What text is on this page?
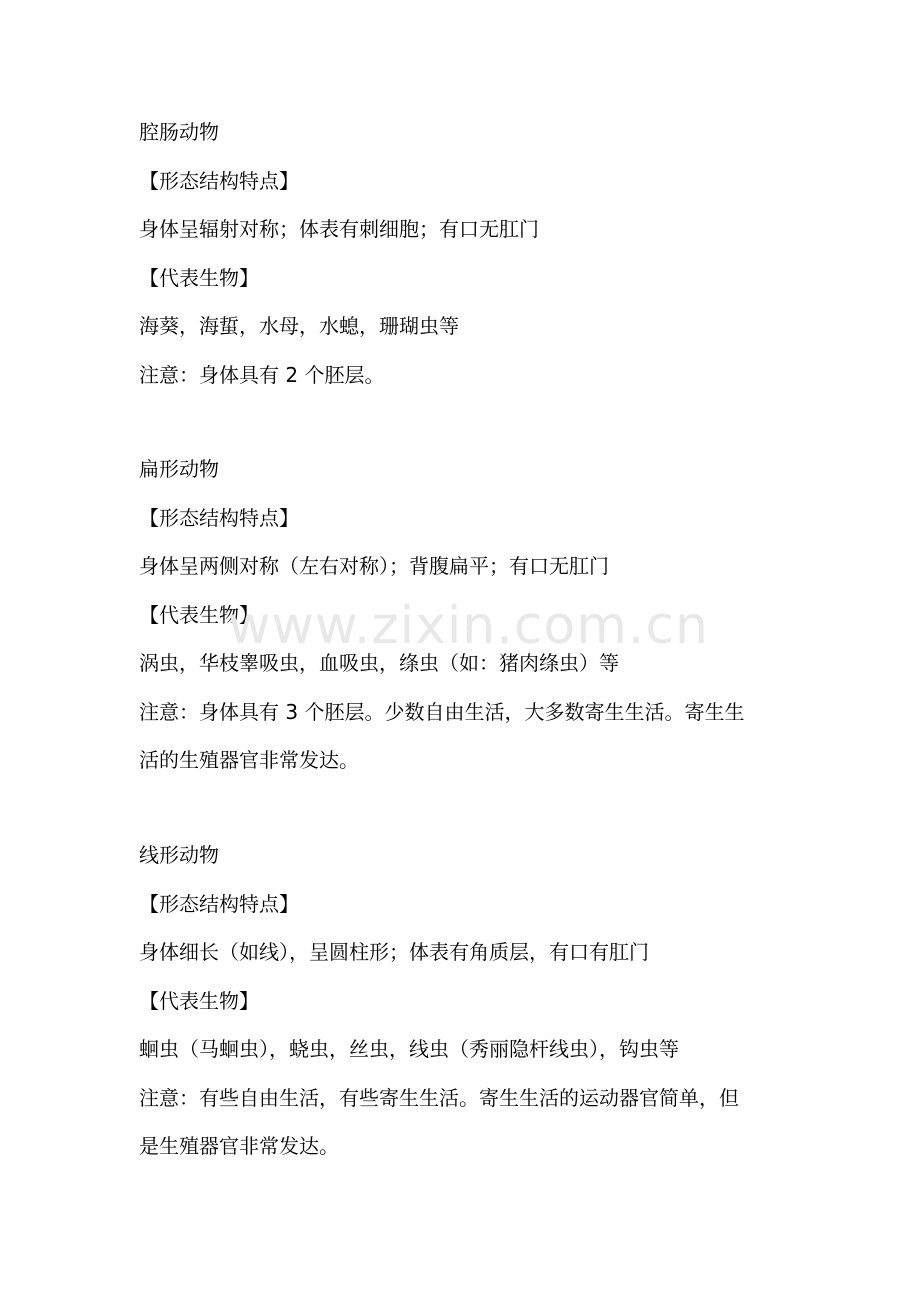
腔肠动物
【形态结构特点】
身体呈辐射对称；体表有刺细胞；有口无肛门
【代表生物】
海葵，海蜇，水母，水螅，珊瑚虫等
注意：身体具有 2 个胚层。
扁形动物
【形态结构特点】
身体呈两侧对称（左右对称）；背腹扁平；有口无肛门
【代表生物】
涡虫，华枝睾吸虫，血吸虫，绦虫（如：猪肉绦虫）等
注意：身体具有 3 个胚层。少数自由生活，大多数寄生生活。寄生生
活的生殖器官非常发达。
线形动物
【形态结构特点】
身体细长（如线），呈圆柱形；体表有角质层，有口有肛门
【代表生物】
蛔虫（马蛔虫），蛲虫，丝虫，线虫（秀丽隐杆线虫），钩虫等
注意：有些自由生活，有些寄生生活。寄生生活的运动器官简单，但
是生殖器官非常发达。
www.zixin.com.cn
